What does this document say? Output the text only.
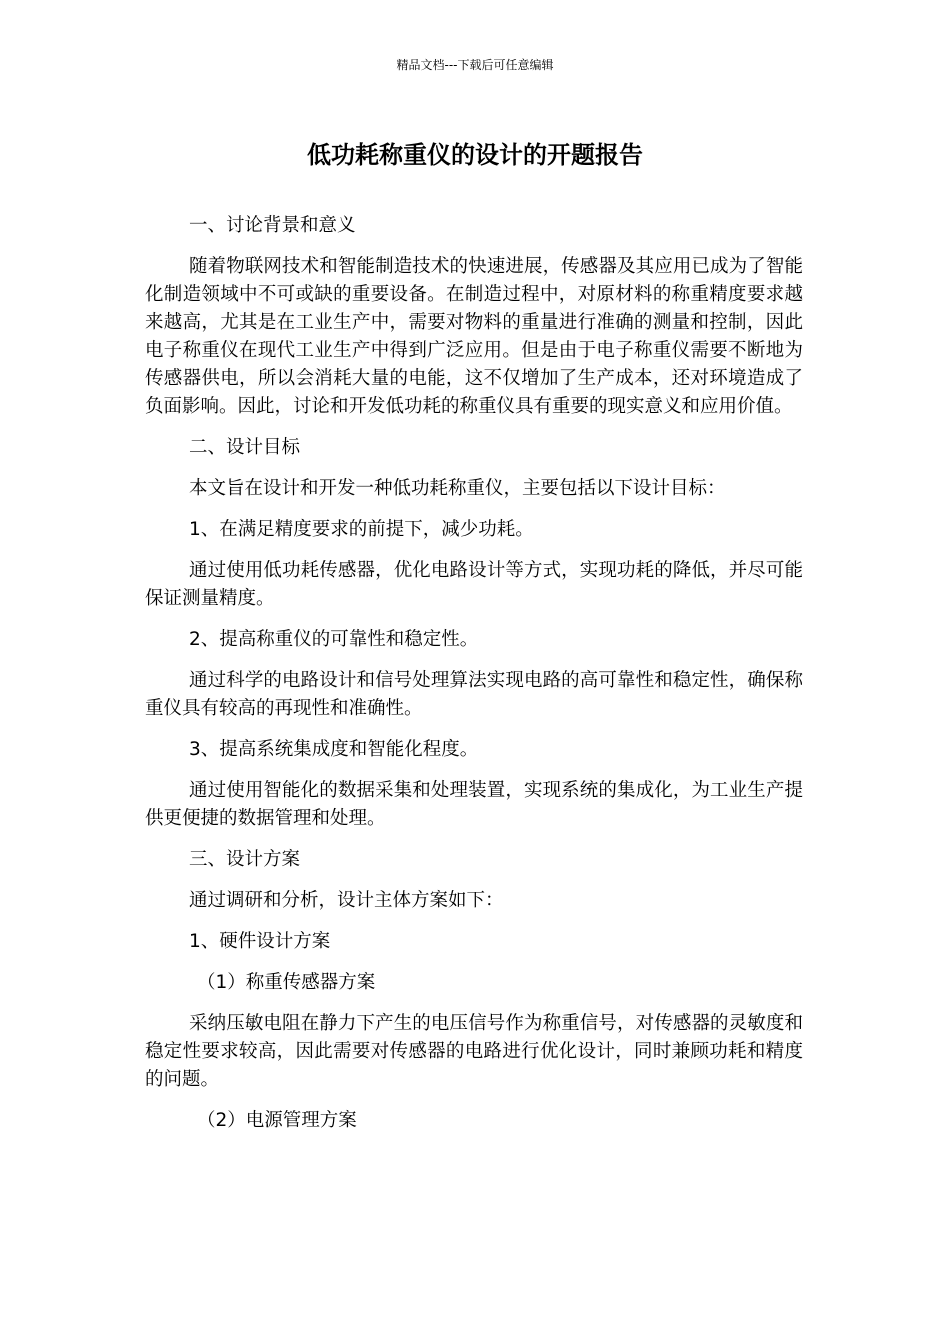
精品文档---下载后可任意编辑
低功耗称重仪的设计的开题报告

一、讨论背景和意义

随着物联网技术和智能制造技术的快速进展，传感器及其应用已成为了智能化制造领域中不可或缺的重要设备。在制造过程中，对原材料的称重精度要求越来越高，尤其是在工业生产中，需要对物料的重量进行准确的测量和控制，因此电子称重仪在现代工业生产中得到广泛应用。但是由于电子称重仪需要不断地为传感器供电，所以会消耗大量的电能，这不仅增加了生产成本，还对环境造成了负面影响。因此，讨论和开发低功耗的称重仪具有重要的现实意义和应用价值。

二、设计目标

本文旨在设计和开发一种低功耗称重仪，主要包括以下设计目标：

1、在满足精度要求的前提下，减少功耗。

通过使用低功耗传感器，优化电路设计等方式，实现功耗的降低，并尽可能保证测量精度。

2、提高称重仪的可靠性和稳定性。

通过科学的电路设计和信号处理算法实现电路的高可靠性和稳定性，确保称重仪具有较高的再现性和准确性。

3、提高系统集成度和智能化程度。

通过使用智能化的数据采集和处理装置，实现系统的集成化，为工业生产提供更便捷的数据管理和处理。

三、设计方案

通过调研和分析，设计主体方案如下：

1、硬件设计方案

（1）称重传感器方案

采纳压敏电阻在静力下产生的电压信号作为称重信号，对传感器的灵敏度和稳定性要求较高，因此需要对传感器的电路进行优化设计，同时兼顾功耗和精度的问题。

（2）电源管理方案
